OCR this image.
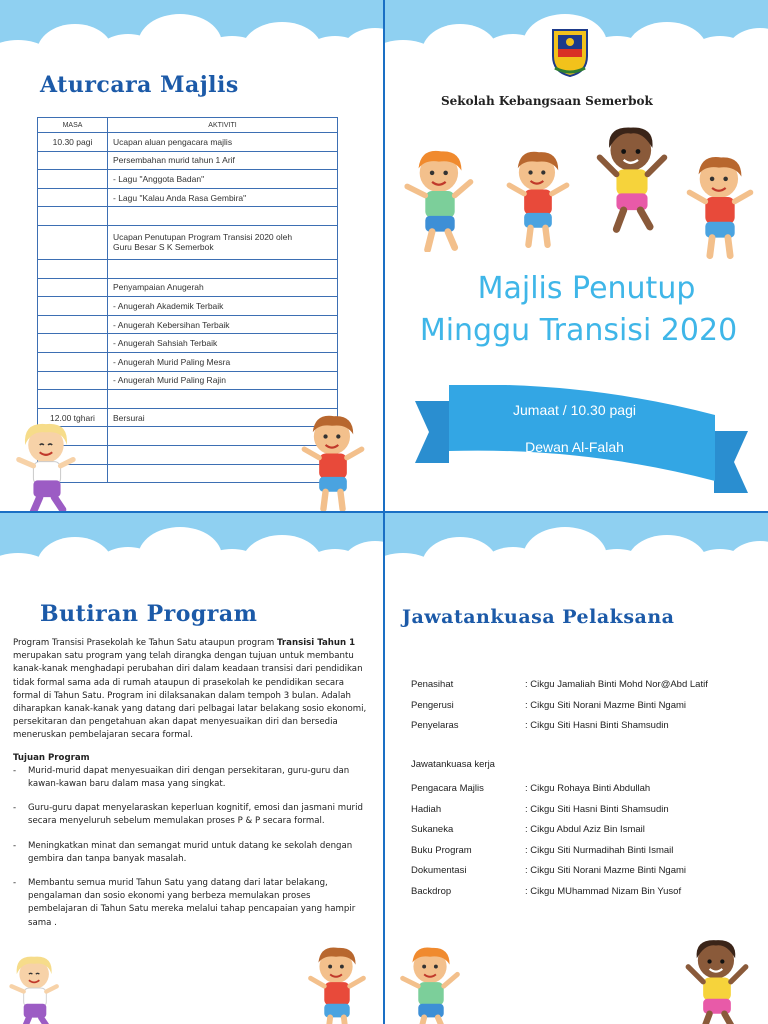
Aturcara Majlis
MASA	AKTIVITI
10.30 pagi	Ucapan aluan pengacara majlis
	Persembahan murid tahun 1 Arif
	- Lagu "Anggota Badan"
	- Lagu "Kalau Anda Rasa Gembira"

	Ucapan Penutupan Program Transisi 2020 oleh
Guru Besar S K Semerbok

	Penyampaian Anugerah
	- Anugerah Akademik Terbaik
	- Anugerah Kebersihan Terbaik
	- Anugerah Sahsiah Terbaik
	- Anugerah Murid Paling Mesra
	- Anugerah Murid Paling Rajin

12.00 tghari	Bersurai

Sekolah Kebangsaan Semerbok
Majlis Penutup
Minggu Transisi 2020
Jumaat / 10.30 pagi
Dewan Al-Falah
Butiran Program

Program Transisi Prasekolah ke Tahun Satu ataupun program Transisi Tahun 1 merupakan satu program yang telah dirangka dengan tujuan untuk membantu kanak-kanak menghadapi perubahan diri dalam keadaan transisi dari pendidikan tidak formal sama ada di rumah ataupun di prasekolah ke pendidikan secara formal di Tahun Satu. Program ini dilaksanakan dalam tempoh 3 bulan. Adalah diharapkan kanak-kanak yang datang dari pelbagai latar belakang sosio ekonomi, persekitaran dan pengetahuan akan dapat menyesuaikan diri dan bersedia meneruskan pembelajaran secara formal.

Tujuan Program

- Murid-murid dapat menyesuaikan diri dengan persekitaran, guru-guru dan kawan-kawan baru dalam masa yang singkat.
- Guru-guru dapat menyelaraskan keperluan kognitif, emosi dan jasmani murid secara menyeluruh sebelum memulakan proses P & P secara formal.
- Meningkatkan minat dan semangat murid untuk datang ke sekolah dengan gembira dan tanpa banyak masalah.
- Membantu semua murid Tahun Satu yang datang dari latar belakang, pengalaman dan sosio ekonomi yang berbeza memulakan proses pembelajaran di Tahun Satu mereka melalui tahap pencapaian yang hampir sama .
Jawatankuasa Pelaksana
Penasihat	: Cikgu Jamaliah Binti Mohd Nor@Abd Latif
Pengerusi	: Cikgu Siti Norani Mazme Binti Ngami
Penyelaras	: Cikgu Siti Hasni Binti Shamsudin
Jawatankuasa kerja
Pengacara Majlis	: Cikgu Rohaya Binti Abdullah
Hadiah	: Cikgu Siti Hasni Binti Shamsudin
Sukaneka	: Cikgu Abdul Aziz Bin Ismail
Buku Program	: Cikgu Siti Nurmadihah Binti Ismail
Dokumentasi	: Cikgu Siti Norani Mazme Binti Ngami
Backdrop	: Cikgu MUhammad Nizam Bin Yusof
